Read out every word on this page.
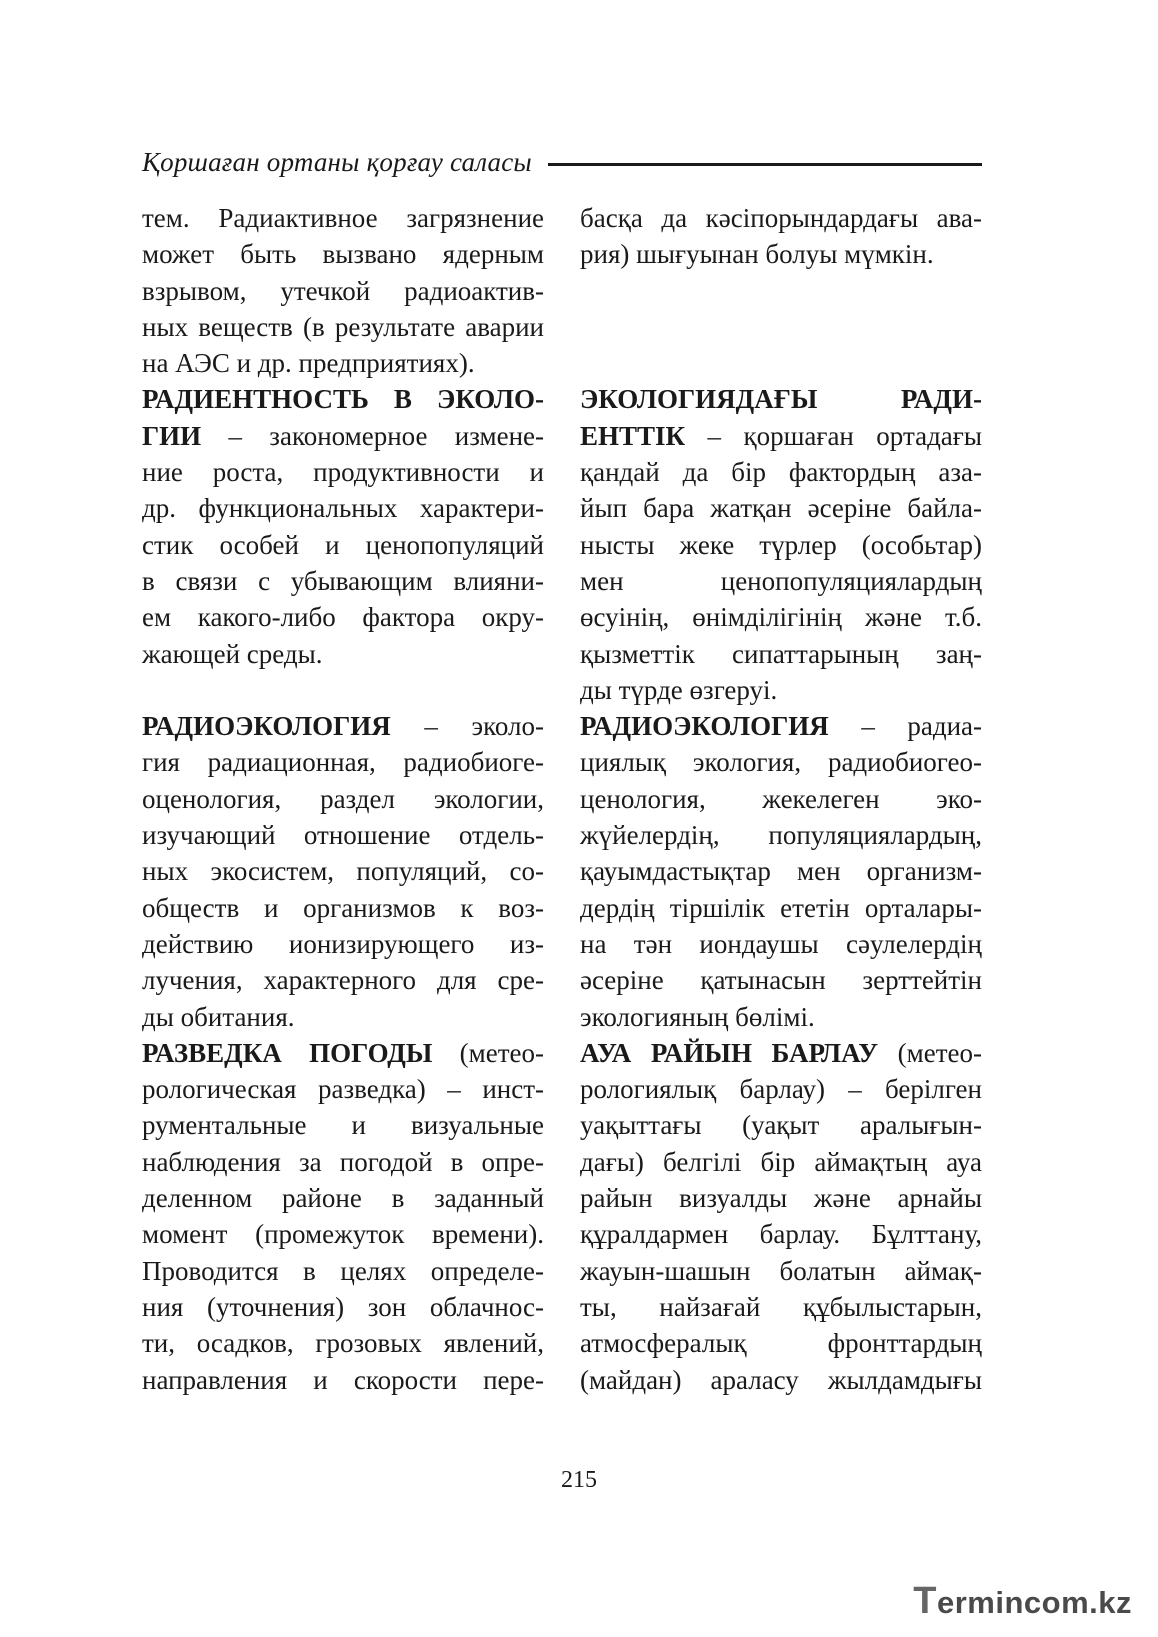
Қоршаған ортаны қорғау саласы
тем. Радиактивное загрязнение
может быть вызвано ядерным
взрывом, утечкой радиоактив-
ных веществ (в результате аварии
на АЭС и др. предприятиях).
РАДИЕНТНОСТЬ В ЭКОЛО-
ГИИ – закономерное измене-
ние роста, продуктивности и
др. функциональных характери-
стик особей и ценопопуляций
в связи с убывающим влияни-
ем какого-либо фактора окру-
жающей среды.
РАДИОЭКОЛОГИЯ – эколо-
гия радиационная, радиобиоге-
оценология, раздел экологии,
изучающий отношение отдель-
ных экосистем, популяций, со-
обществ и организмов к воз-
действию ионизирующего из-
лучения, характерного для сре-
ды обитания.
РАЗВЕДКА ПОГОДЫ (метео-
рологическая разведка) – инст-
рументальные и визуальные
наблюдения за погодой в опре-
деленном районе в заданный
момент (промежуток времени).
Проводится в целях определе-
ния (уточнения) зон облачнос-
ти, осадков, грозовых явлений,
направления и скорости пере-
басқа да кәсіпорындардағы ава-
рия) шығуынан болуы мүмкін.
ЭКОЛОГИЯДАҒЫ РАДИ-
ЕНТТІК – қоршаған ортадағы
қандай да бір фактордың аза-
йып бара жатқан әсеріне байла-
нысты жеке түрлер (особьтар)
мен ценопопуляциялардың
өсуінің, өнімділігінің және т.б.
қызметтік сипаттарының заң-
ды түрде өзгеруі.
РАДИОЭКОЛОГИЯ – радиа-
циялық экология, радиобиогео-
ценология, жекелеген эко-
жүйелердің, популяциялардың,
қауымдастықтар мен организм-
дердің тіршілік ететін орталары-
на тән иондаушы сәулелердің
әсеріне қатынасын зерттейтін
экологияның бөлімі.
АУА РАЙЫН БАРЛАУ (метео-
рологиялық барлау) – берілген
уақыттағы (уақыт аралығын-
дағы) белгілі бір аймақтың ауа
райын визуалды және арнайы
құралдармен барлау. Бұлттану,
жауын-шашын болатын аймақ-
ты, найзағай құбылыстарын,
атмосфералық фронттардың
(майдан) араласу жылдамдығы
215
Termincom.kz
